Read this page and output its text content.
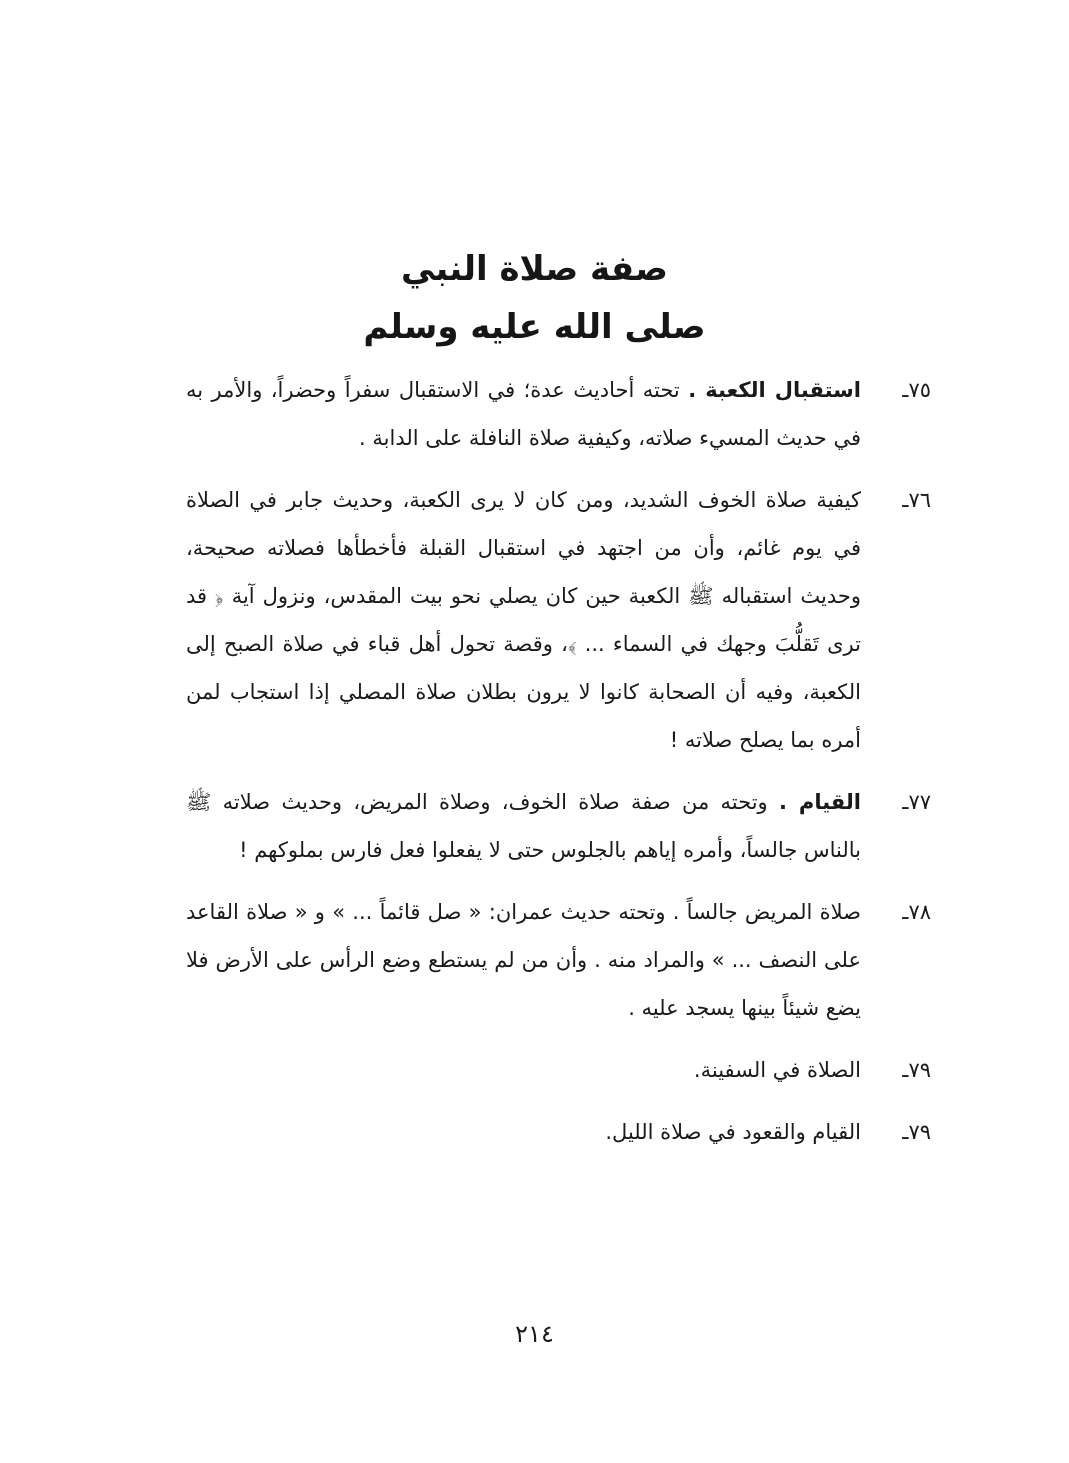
صفة صلاة النبي
صلى الله عليه وسلم
٧٥ـ
استقبال الكعبة . تحته أحاديث عدة؛ في الاستقبال سفراً وحضراً، والأمر به في حديث المسيء صلاته، وكيفية صلاة النافلة على الدابة .
٧٦ـ
كيفية صلاة الخوف الشديد، ومن كان لا يرى الكعبة، وحديث جابر في الصلاة في يوم غائم، وأن من اجتهد في استقبال القبلة فأخطأها فصلاته صحيحة، وحديث استقباله ﷺ الكعبة حين كان يصلي نحو بيت المقدس، ونزول آية ﴿ قد ترى تَقلُّبَ وجهك في السماء ... ﴾، وقصة تحول أهل قباء في صلاة الصبح إلى الكعبة، وفيه أن الصحابة كانوا لا يرون بطلان صلاة المصلي إذا استجاب لمن أمره بما يصلح صلاته !
٧٧ـ
القيام . وتحته من صفة صلاة الخوف، وصلاة المريض، وحديث صلاته ﷺ بالناس جالساً، وأمره إياهم بالجلوس حتى لا يفعلوا فعل فارس بملوكهم !
٧٨ـ
صلاة المريض جالساً . وتحته حديث عمران: « صل قائماً ... » و « صلاة القاعد على النصف ... » والمراد منه . وأن من لم يستطع وضع الرأس على الأرض فلا يضع شيئاً بينها يسجد عليه .
٧٩ـ
الصلاة في السفينة.
٧٩ـ
القيام والقعود في صلاة الليل.
٢١٤
